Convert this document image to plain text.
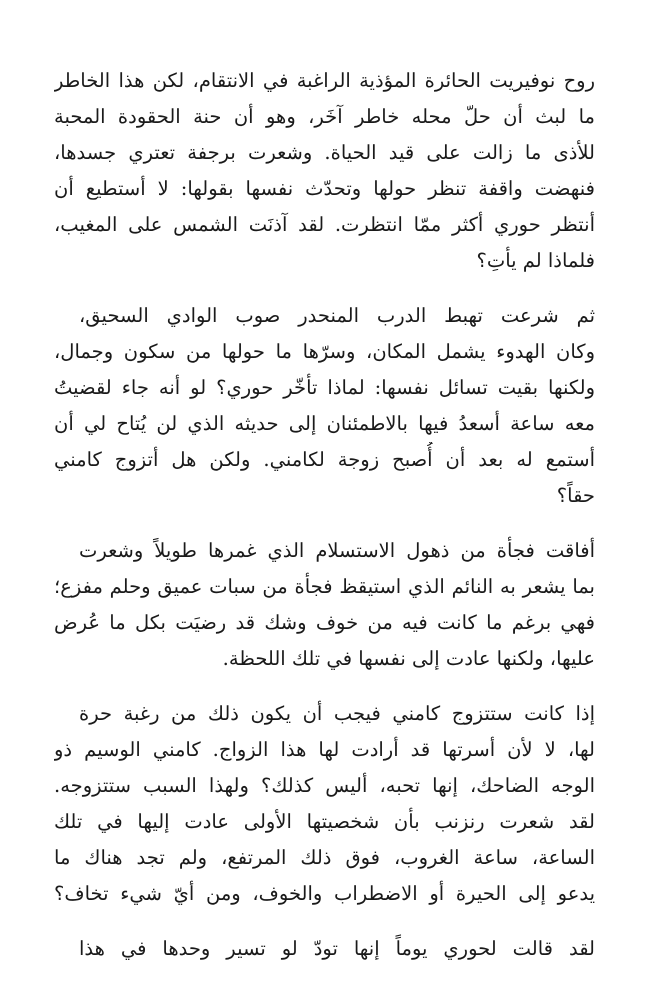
روح نوفيريت الحائرة المؤذية الراغبة في الانتقام، لكن هذا الخاطر
ما لبث أن حلّ محله خاطر آخَر، وهو أن حنة الحقودة المحبة
للأذى ما زالت على قيد الحياة. وشعرت برجفة تعتري جسدها،
فنهضت واقفة تنظر حولها وتحدّث نفسها بقولها: لا أستطيع أن
أنتظر حوري أكثر ممّا انتظرت. لقد آذنَت الشمس على المغيب،
فلماذا لم يأتِ؟
ثم شرعت تهبط الدرب المنحدر صوب الوادي السحيق،
وكان الهدوء يشمل المكان، وسرّها ما حولها من سكون وجمال،
ولكنها بقيت تسائل نفسها: لماذا تأخّر حوري؟ لو أنه جاء لقضيتُ
معه ساعة أسعدُ فيها بالاطمئنان إلى حديثه الذي لن يُتاح لي أن
أستمع له بعد أن أُصبح زوجة لكامني. ولكن هل أتزوج كامني
حقاً؟
أفاقت فجأة من ذهول الاستسلام الذي غمرها طويلاً وشعرت
بما يشعر به النائم الذي استيقظ فجأة من سبات عميق وحلم مفزع؛
فهي برغم ما كانت فيه من خوف وشك قد رضيَت بكل ما عُرض
عليها، ولكنها عادت إلى نفسها في تلك اللحظة.
إذا كانت ستتزوج كامني فيجب أن يكون ذلك من رغبة حرة
لها، لا لأن أسرتها قد أرادت لها هذا الزواج. كامني الوسيم ذو
الوجه الضاحك، إنها تحبه، أليس كذلك؟ ولهذا السبب ستتزوجه.
لقد شعرت رنزنب بأن شخصيتها الأولى عادت إليها في تلك
الساعة، ساعة الغروب، فوق ذلك المرتفع، ولم تجد هناك ما
يدعو إلى الحيرة أو الاضطراب والخوف، ومن أيّ شيء تخاف؟
لقد قالت لحوري يوماً إنها تودّ لو تسير وحدها في هذا
